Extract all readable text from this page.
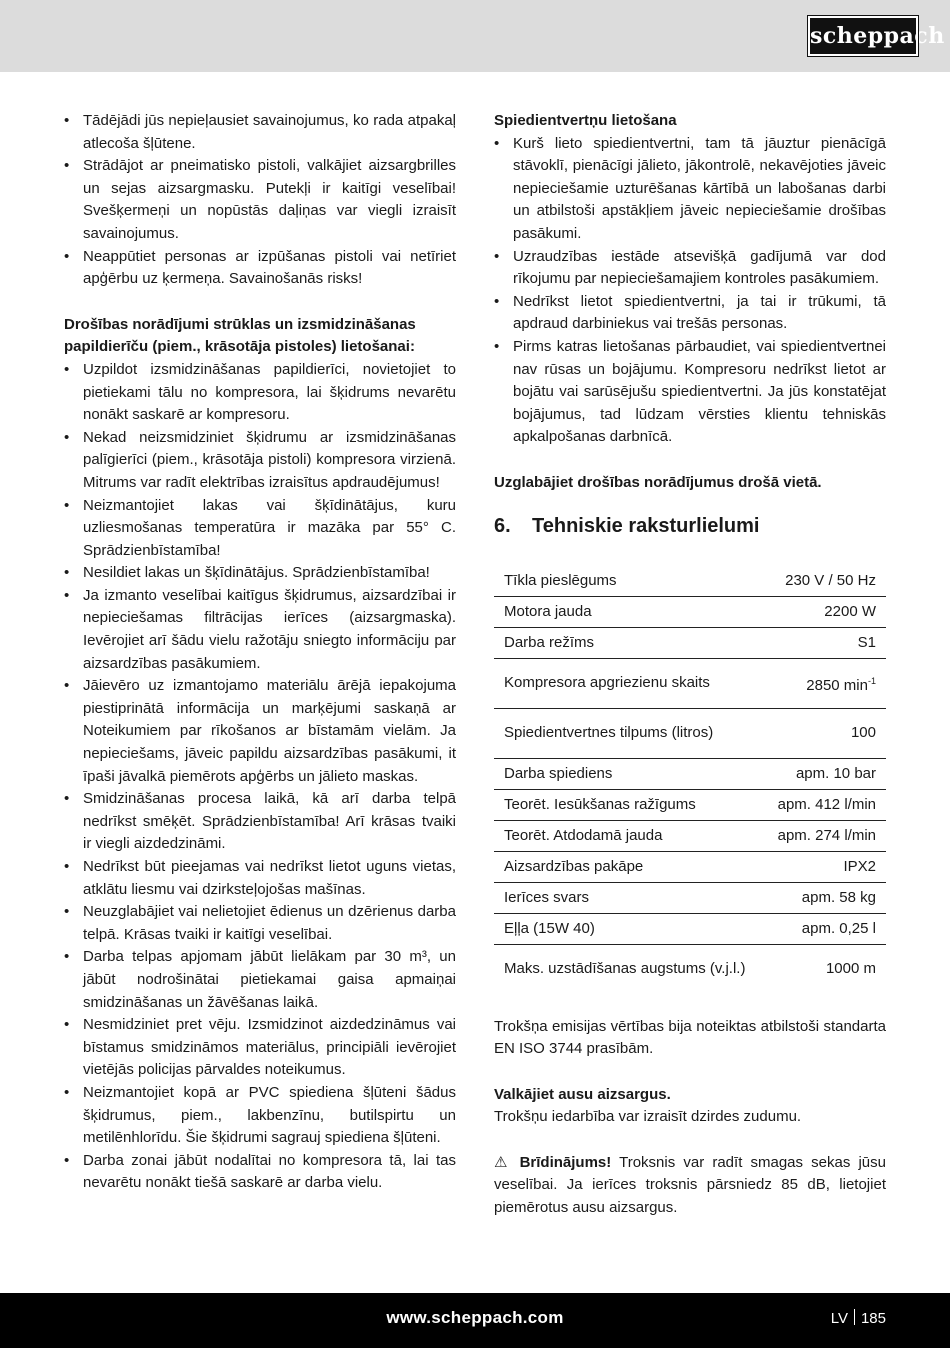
scheppach
• Tādējādi jūs nepieļausiet savainojumus, ko rada atpakaļ atlecoša šļūtene.
• Strādājot ar pneimatisko pistoli, valkājiet aizsargbrilles un sejas aizsargmasku. Putekļi ir kaitīgi veselībai! Svešķermeņi un nopūstās daļiņas var viegli izraisīt savainojumus.
• Neappūtiet personas ar izpūšanas pistoli vai netīriet apģērbu uz ķermeņa. Savainošanās risks!

Drošības norādījumi strūklas un izsmidzināšanas papildierīču (piem., krāsotāja pistoles) lietošanai:

• Uzpildot izsmidzināšanas papildierīci, novietojiet to pietiekami tālu no kompresora, lai šķidrums nevarētu nonākt saskarē ar kompresoru.
• Nekad neizsmidziniet šķidrumu ar izsmidzināšanas palīgierīci (piem., krāsotāja pistoli) kompresora virzienā. Mitrums var radīt elektrības izraisītus apdraudējumus!
• Neizmantojiet lakas vai šķīdinātājus, kuru uzliesmošanas temperatūra ir mazāka par 55° C. Sprādzienbīstamība!
• Nesildiet lakas un šķīdinātājus. Sprādzienbīstamība!
• Ja izmanto veselībai kaitīgus šķidrumus, aizsardzībai ir nepieciešamas filtrācijas ierīces (aizsargmaska). Ievērojiet arī šādu vielu ražotāju sniegto informāciju par aizsardzības pasākumiem.
• Jāievēro uz izmantojamo materiālu ārējā iepakojuma piestiprinātā informācija un marķējumi saskaņā ar Noteikumiem par rīkošanos ar bīstamām vielām. Ja nepieciešams, jāveic papildu aizsardzības pasākumi, it īpaši jāvalkā piemērots apģērbs un jālieto maskas.
• Smidzināšanas procesa laikā, kā arī darba telpā nedrīkst smēķēt. Sprādzienbīstamība! Arī krāsas tvaiki ir viegli aizdedzināmi.
• Nedrīkst būt pieejamas vai nedrīkst lietot uguns vietas, atklātu liesmu vai dzirksteļojošas mašīnas.
• Neuzglabājiet vai nelietojiet ēdienus un dzērienus darba telpā. Krāsas tvaiki ir kaitīgi veselībai.
• Darba telpas apjomam jābūt lielākam par 30 m³, un jābūt nodrošinātai pietiekamai gaisa apmaiņai smidzināšanas un žāvēšanas laikā.
• Nesmidziniet pret vēju. Izsmidzinot aizdedzināmus vai bīstamus smidzināmos materiālus, principiāli ievērojiet vietējās policijas pārvaldes noteikumus.
• Neizmantojiet kopā ar PVC spiediena šļūteni šādus šķidrumus, piem., lakbenzīnu, butilspirtu un metilēnhlorīdu. Šie šķidrumi sagrauj spiediena šļūteni.
• Darba zonai jābūt nodalītai no kompresora tā, lai tas nevarētu nonākt tiešā saskarē ar darba vielu.

Spiedientvertņu lietošana

• Kurš lieto spiedientvertni, tam tā jāuztur pienācīgā stāvoklī, pienācīgi jālieto, jākontrolē, nekavējoties jāveic nepieciešamie uzturēšanas kārtībā un labošanas darbi un atbilstoši apstākļiem jāveic nepieciešamie drošības pasākumi.
• Uzraudzības iestāde atsevišķā gadījumā var dod rīkojumu par nepieciešamajiem kontroles pasākumiem.
• Nedrīkst lietot spiedientvertni, ja tai ir trūkumi, tā apdraud darbiniekus vai trešās personas.
• Pirms katras lietošanas pārbaudiet, vai spiedientvertnei nav rūsas un bojājumu. Kompresoru nedrīkst lietot ar bojātu vai sarūsējušu spiedientvertni. Ja jūs konstatējat bojājumus, tad lūdzam vērsties klientu tehniskās apkalpošanas darbnīcā.

Uzglabājiet drošības norādījumus drošā vietā.

6. Tehniskie raksturlielumi
Tīkla pieslēgums	230 V / 50 Hz
Motora jauda	2200 W
Darba režīms	S1
Kompresora apgriezienu skaits	2850 $\min^{-1}$
Spiedientvertnes tilpums (litros)	100
Darba spiediens	apm. 10 bar
Teorēt. Iesūkšanas ražīgums	apm. 412 l/min
Teorēt. Atdodamā jauda	apm. 274 l/min
Aizsardzības pakāpe	IPX2
Ierīces svars	apm. 58 kg
Eļļa (15W 40)	apm. 0,25 l
Maks. uzstādīšanas augstums (v.j.l.)	1000 m

Trokšņa emisijas vērtības bija noteiktas atbilstoši standarta EN ISO 3744 prasībām.

Valkājiet ausu aizsargus.

Trokšņu iedarbība var izraisīt dzirdes zudumu.

⚠ Brīdinājums! Troksnis var radīt smagas sekas jūsu veselībai. Ja ierīces troksnis pārsniedz 85 dB, lietojiet piemērotus ausu aizsargus.

www.scheppach.com	LV 185
